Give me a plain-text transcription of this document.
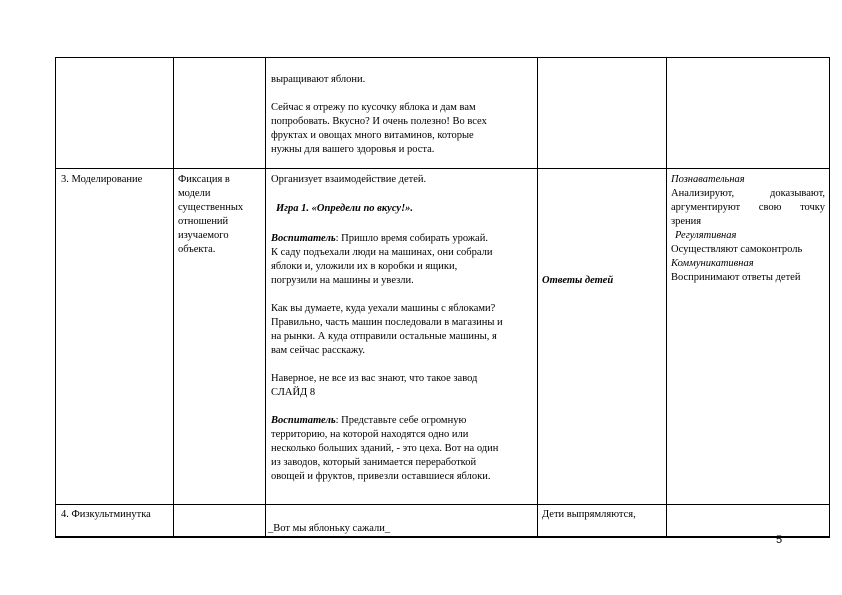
выращивают яблони.

Сейчас я отрежу по кусочку яблока и дам вам

попробовать. Вкусно? И очень полезно! Во всех

фруктах и овощах много витаминов, которые

нужны для вашего здоровья и роста.

3. Моделирование	Фиксация в

модели

существенных

отношений

изучаемого

объекта.

Организует взаимодействие детей.

Игра 1. «Определи по вкусу!».

Воспитатель: Пришло время собирать урожай.

К саду подъехали люди на машинах, они собрали

яблоки и, уложили их в коробки и ящики,

погрузили на машины и увезли.

Как вы думаете, куда уехали машины с яблоками?

Правильно, часть машин последовали в магазины и

на рынки. А куда отправили остальные машины, я

вам сейчас расскажу.

Наверное, не все из вас знают, что такое завод

СЛАЙД 8

Воспитатель: Представьте себе огромную

территорию, на которой находятся одно или

несколько больших зданий, - это цеха. Вот на один

из заводов, который занимается переработкой

овощей и фруктов, привезли оставшиеся яблоки.

Ответы детей

Познавательная

Анализируют,	доказывают,

аргументируют свою точку

зрения

Регулятивная

Осуществляют самоконтроль

Коммуникативная

Воспринимают ответы детей

4. Физкультминутка

_Вот мы яблоньку сажали_

Дети выпрямляются,

5
